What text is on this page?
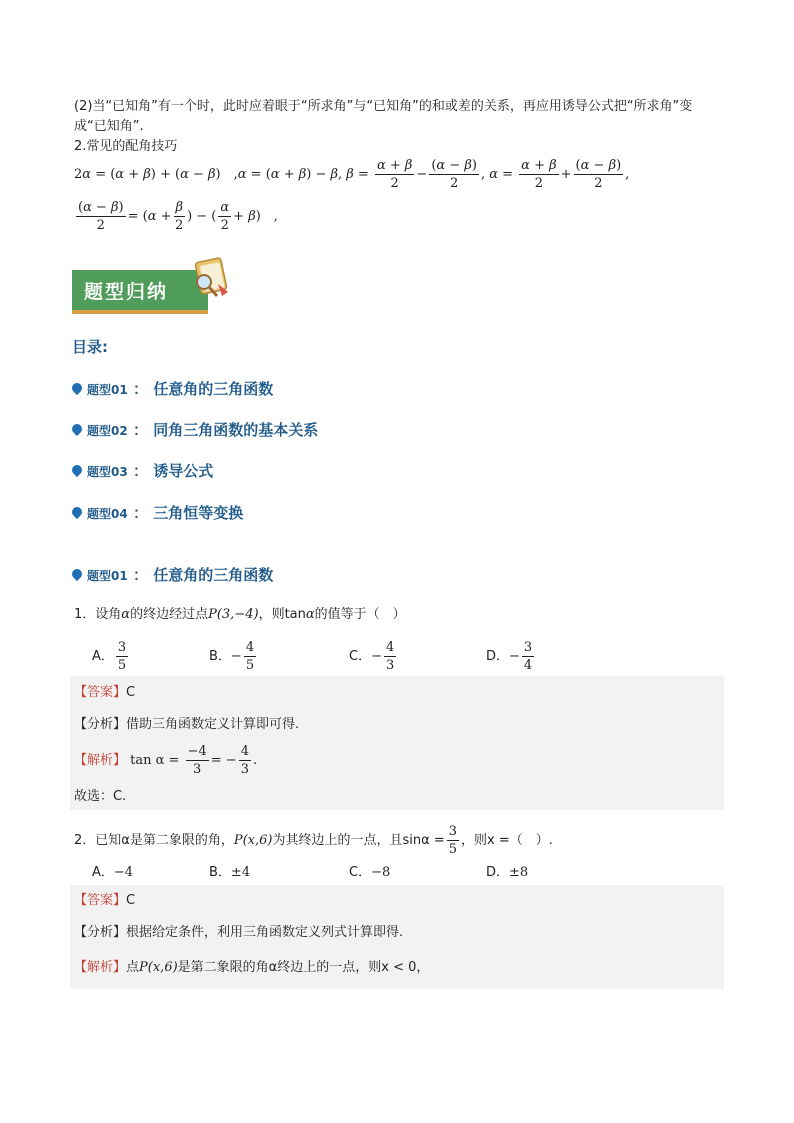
(2)当“已知角”有一个时，此时应着眼于“所求角”与“已知角”的和或差的关系，再应用诱导公式把“所求角”变
成“已知角”.
2.常见的配角技巧
2α = (α + β) + (α − β)　,α = (α + β) − β, $\beta = \frac{\alpha + \beta}{2} - \frac{(\alpha - \beta)}{2}$ , $\alpha = \frac{\alpha + \beta}{2} + \frac{(\alpha - \beta)}{2}$ ,
$\frac{(\alpha - \beta)}{2} = (\alpha + \frac{\beta}{2}$ ) − ( $\frac{\alpha}{2} + \beta$)　,
题型归纳
目录:
题型01 ： 任意角的三角函数
题型02 ： 同角三角函数的基本关系
题型03 ： 诱导公式
题型04 ： 三角恒等变换
题型01 ： 任意角的三角函数
1．设角α的终边经过点P(3,−4)，则tanα的值等于（　）
A． $\frac{3}{5}$	B．− $\frac{4}{5}$	C．− $\frac{4}{3}$	D．− $\frac{3}{4}$
【答案】C
【分析】借助三角函数定义计算即可得.
【解析】 $\tan \alpha = \frac{-4}{3}$ = − $\frac{4}{3}$ .
故选：C.
2．已知α是第二象限的角，P(x,6)为其终边上的一点，且$\sin\alpha = \frac{3}{5}$ ，则x =（　）.
A．−4	B．±4	C．−8	D．±8
【答案】C
【分析】根据给定条件，利用三角函数定义列式计算即得.
【解析】点P(x,6)是第二象限的角α终边上的一点，则x < 0，
